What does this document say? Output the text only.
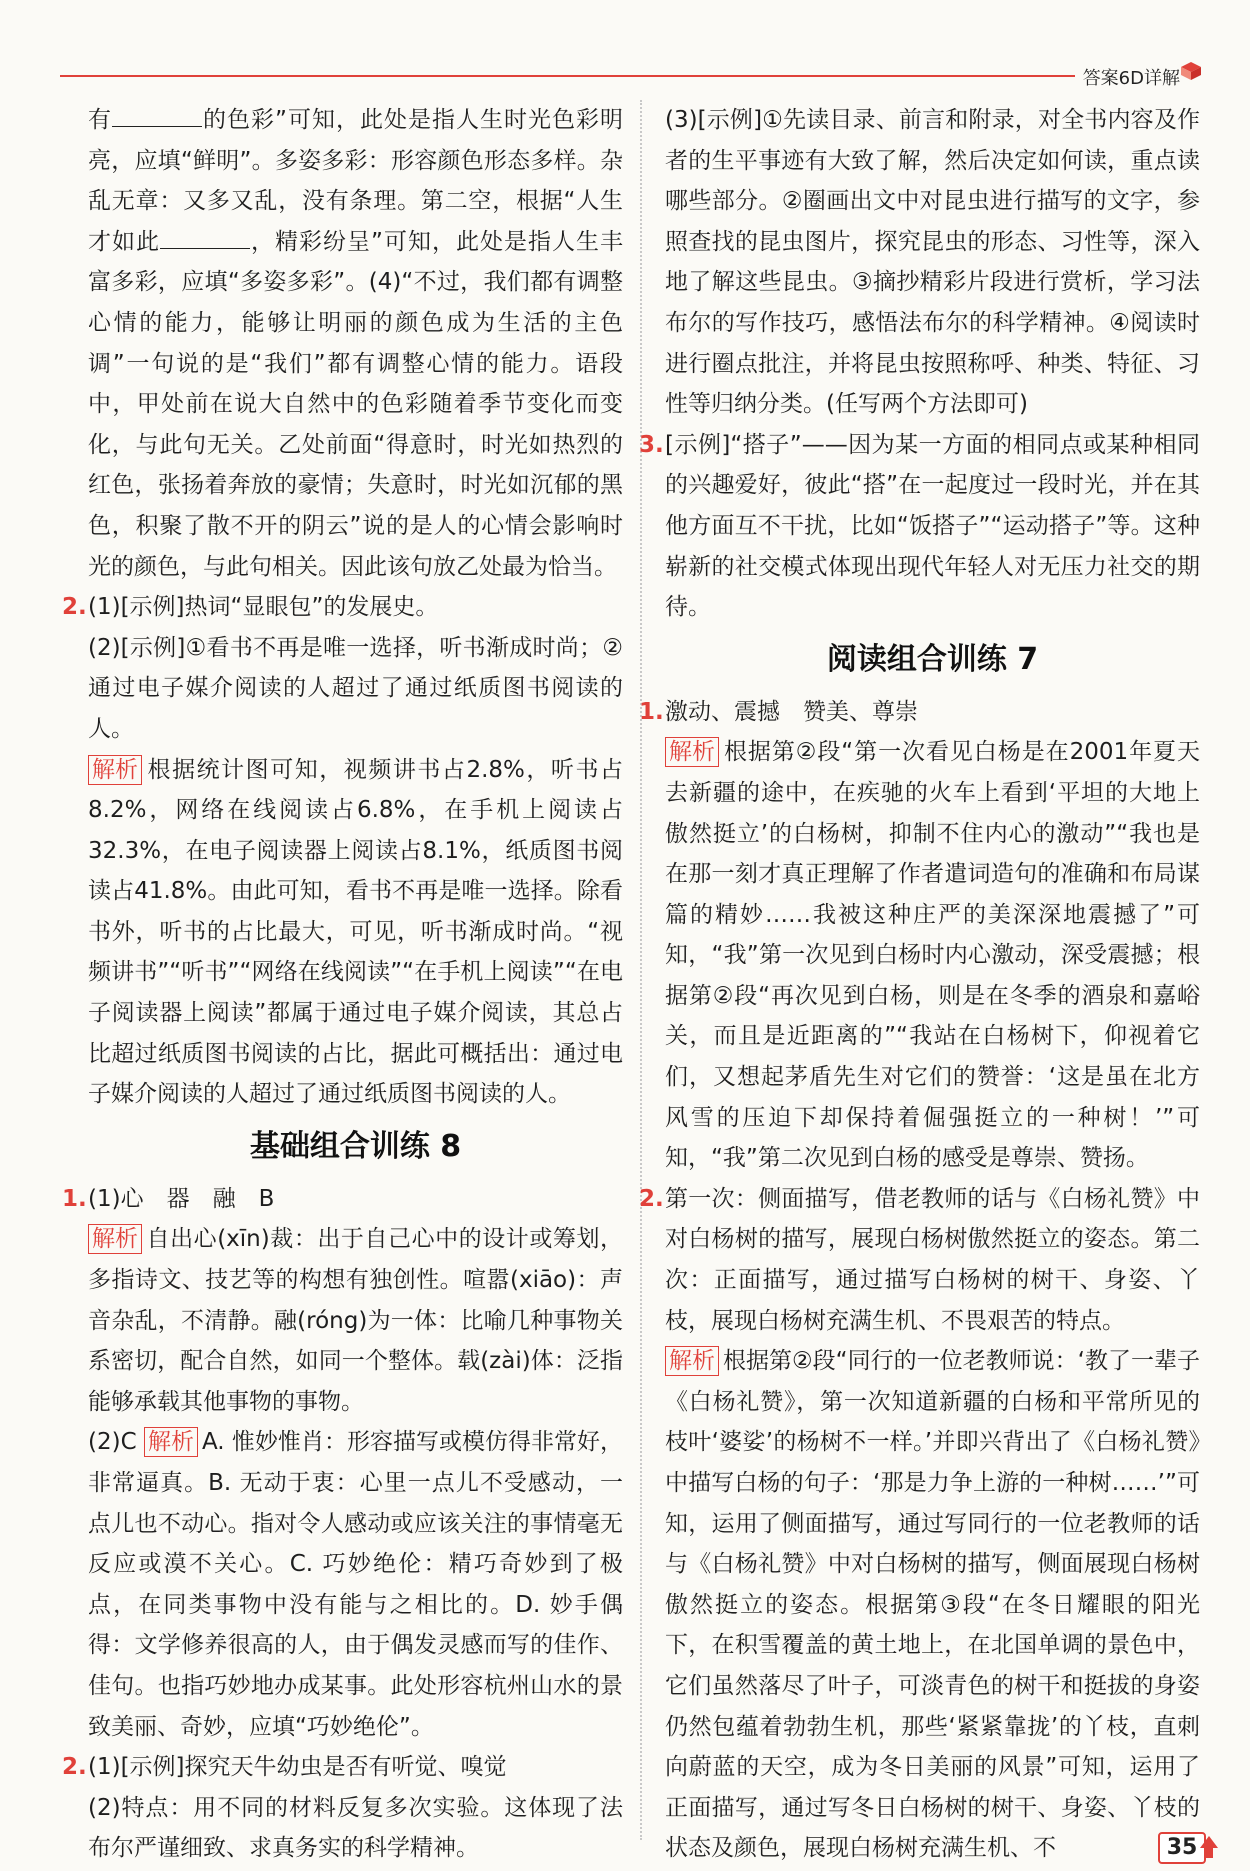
答案6D详解

有	的色彩”可知，此处是指人生时光色彩明亮，应填“鲜明”。多姿多彩：形容颜色形态多样。杂乱无章：又多又乱，没有条理。第二空，根据“人生才如此	，精彩纷呈”可知，此处是指人生丰富多彩，应填“多姿多彩”。(4)“不过，我们都有调整心情的能力，能够让明丽的颜色成为生活的主色调”一句说的是“我们”都有调整心情的能力。语段中，甲处前在说大自然中的色彩随着季节变化而变化，与此句无关。乙处前面“得意时，时光如热烈的红色，张扬着奔放的豪情；失意时，时光如沉郁的黑色，积聚了散不开的阴云”说的是人的心情会影响时光的颜色，与此句相关。因此该句放乙处最为恰当。

2. (1)[示例]热词“显眼包”的发展史。

(2)[示例]①看书不再是唯一选择，听书渐成时尚；②通过电子媒介阅读的人超过了通过纸质图书阅读的人。

解析 根据统计图可知，视频讲书占2.8%，听书占8.2%，网络在线阅读占6.8%，在手机上阅读占32.3%，在电子阅读器上阅读占8.1%，纸质图书阅读占41.8%。由此可知，看书不再是唯一选择。除看书外，听书的占比最大，可见，听书渐成时尚。“视频讲书”“听书”“网络在线阅读”“在手机上阅读”“在电子阅读器上阅读”都属于通过电子媒介阅读，其总占比超过纸质图书阅读的占比，据此可概括出：通过电子媒介阅读的人超过了通过纸质图书阅读的人。

基础组合训练 8
1. (1)心　器　融　B

解析 自出心(xīn)裁：出于自己心中的设计或筹划，多指诗文、技艺等的构想有独创性。喧嚣(xiāo)：声音杂乱，不清静。融(róng)为一体：比喻几种事物关系密切，配合自然，如同一个整体。载(zài)体：泛指能够承载其他事物的事物。

(2)C 解析 A. 惟妙惟肖：形容描写或模仿得非常好，非常逼真。B. 无动于衷：心里一点儿不受感动，一点儿也不动心。指对令人感动或应该关注的事情毫无反应或漠不关心。C. 巧妙绝伦：精巧奇妙到了极点，在同类事物中没有能与之相比的。D. 妙手偶得：文学修养很高的人，由于偶发灵感而写的佳作、佳句。也指巧妙地办成某事。此处形容杭州山水的景致美丽、奇妙，应填“巧妙绝伦”。

2. (1)[示例]探究天牛幼虫是否有听觉、嗅觉

(2)特点：用不同的材料反复多次实验。这体现了法布尔严谨细致、求真务实的科学精神。

(3)[示例]①先读目录、前言和附录，对全书内容及作者的生平事迹有大致了解，然后决定如何读，重点读哪些部分。②圈画出文中对昆虫进行描写的文字，参照查找的昆虫图片，探究昆虫的形态、习性等，深入地了解这些昆虫。③摘抄精彩片段进行赏析，学习法布尔的写作技巧，感悟法布尔的科学精神。④阅读时进行圈点批注，并将昆虫按照称呼、种类、特征、习性等归纳分类。(任写两个方法即可)

3. [示例]“搭子”——因为某一方面的相同点或某种相同的兴趣爱好，彼此“搭”在一起度过一段时光，并在其他方面互不干扰，比如“饭搭子”“运动搭子”等。这种崭新的社交模式体现出现代年轻人对无压力社交的期待。

阅读组合训练 7
1. 激动、震撼　赞美、尊崇

解析 根据第②段“第一次看见白杨是在2001年夏天去新疆的途中，在疾驰的火车上看到‘平坦的大地上傲然挺立’的白杨树，抑制不住内心的激动”“我也是在那一刻才真正理解了作者遣词造句的准确和布局谋篇的精妙……我被这种庄严的美深深地震撼了”可知，“我”第一次见到白杨时内心激动，深受震撼；根据第②段“再次见到白杨，则是在冬季的酒泉和嘉峪关，而且是近距离的”“我站在白杨树下，仰视着它们，又想起茅盾先生对它们的赞誉：‘这是虽在北方风雪的压迫下却保持着倔强挺立的一种树！’”可知，“我”第二次见到白杨的感受是尊崇、赞扬。

2. 第一次：侧面描写，借老教师的话与《白杨礼赞》中对白杨树的描写，展现白杨树傲然挺立的姿态。第二次：正面描写，通过描写白杨树的树干、身姿、丫枝，展现白杨树充满生机、不畏艰苦的特点。

解析 根据第②段“同行的一位老教师说：‘教了一辈子《白杨礼赞》，第一次知道新疆的白杨和平常所见的枝叶‘婆娑’的杨树不一样。’并即兴背出了《白杨礼赞》中描写白杨的句子：‘那是力争上游的一种树……’”可知，运用了侧面描写，通过写同行的一位老教师的话与《白杨礼赞》中对白杨树的描写，侧面展现白杨树傲然挺立的姿态。根据第③段“在冬日耀眼的阳光下，在积雪覆盖的黄土地上，在北国单调的景色中，它们虽然落尽了叶子，可淡青色的树干和挺拔的身姿仍然包蕴着勃勃生机，那些‘紧紧靠拢’的丫枝，直刺向蔚蓝的天空，成为冬日美丽的风景”可知，运用了正面描写，通过写冬日白杨树的树干、身姿、丫枝的状态及颜色，展现白杨树充满生机、不	35
